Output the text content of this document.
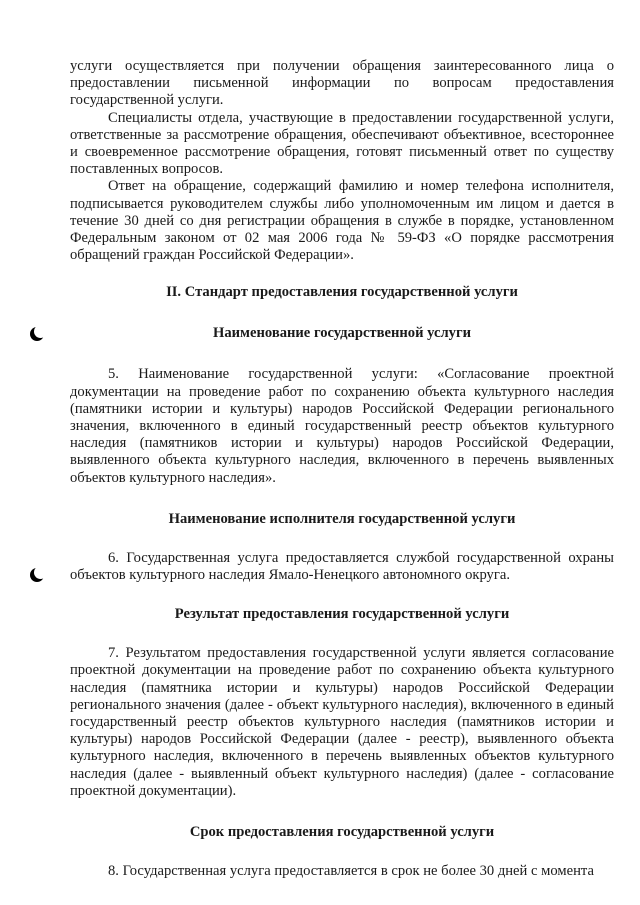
услуги осуществляется при получении обращения заинтересованного лица о предоставлении письменной информации по вопросам предоставления государственной услуги.

Специалисты отдела, участвующие в предоставлении государственной услуги, ответственные за рассмотрение обращения, обеспечивают объективное, всестороннее и своевременное рассмотрение обращения, готовят письменный ответ по существу поставленных вопросов.

Ответ на обращение, содержащий фамилию и номер телефона исполнителя, подписывается руководителем службы либо уполномоченным им лицом и дается в течение 30 дней со дня регистрации обращения в службе в порядке, установленном Федеральным законом от 02 мая 2006 года № 59-ФЗ «О порядке рассмотрения обращений граждан Российской Федерации».

II. Стандарт предоставления государственной услуги

Наименование государственной услуги

5. Наименование государственной услуги: «Согласование проектной документации на проведение работ по сохранению объекта культурного наследия (памятники истории и культуры) народов Российской Федерации регионального значения, включенного в единый государственный реестр объектов культурного наследия (памятников истории и культуры) народов Российской Федерации, выявленного объекта культурного наследия, включенного в перечень выявленных объектов культурного наследия».

Наименование исполнителя государственной услуги

6. Государственная услуга предоставляется службой государственной охраны объектов культурного наследия Ямало-Ненецкого автономного округа.

Результат предоставления государственной услуги

7. Результатом предоставления государственной услуги является согласование проектной документации на проведение работ по сохранению объекта культурного наследия (памятника истории и культуры) народов Российской Федерации регионального значения (далее - объект культурного наследия), включенного в единый государственный реестр объектов культурного наследия (памятников истории и культуры) народов Российской Федерации (далее - реестр), выявленного объекта культурного наследия, включенного в перечень выявленных объектов культурного наследия (далее - выявленный объект культурного наследия) (далее - согласование проектной документации).

Срок предоставления государственной услуги

8. Государственная услуга предоставляется в срок не более 30 дней с момента
